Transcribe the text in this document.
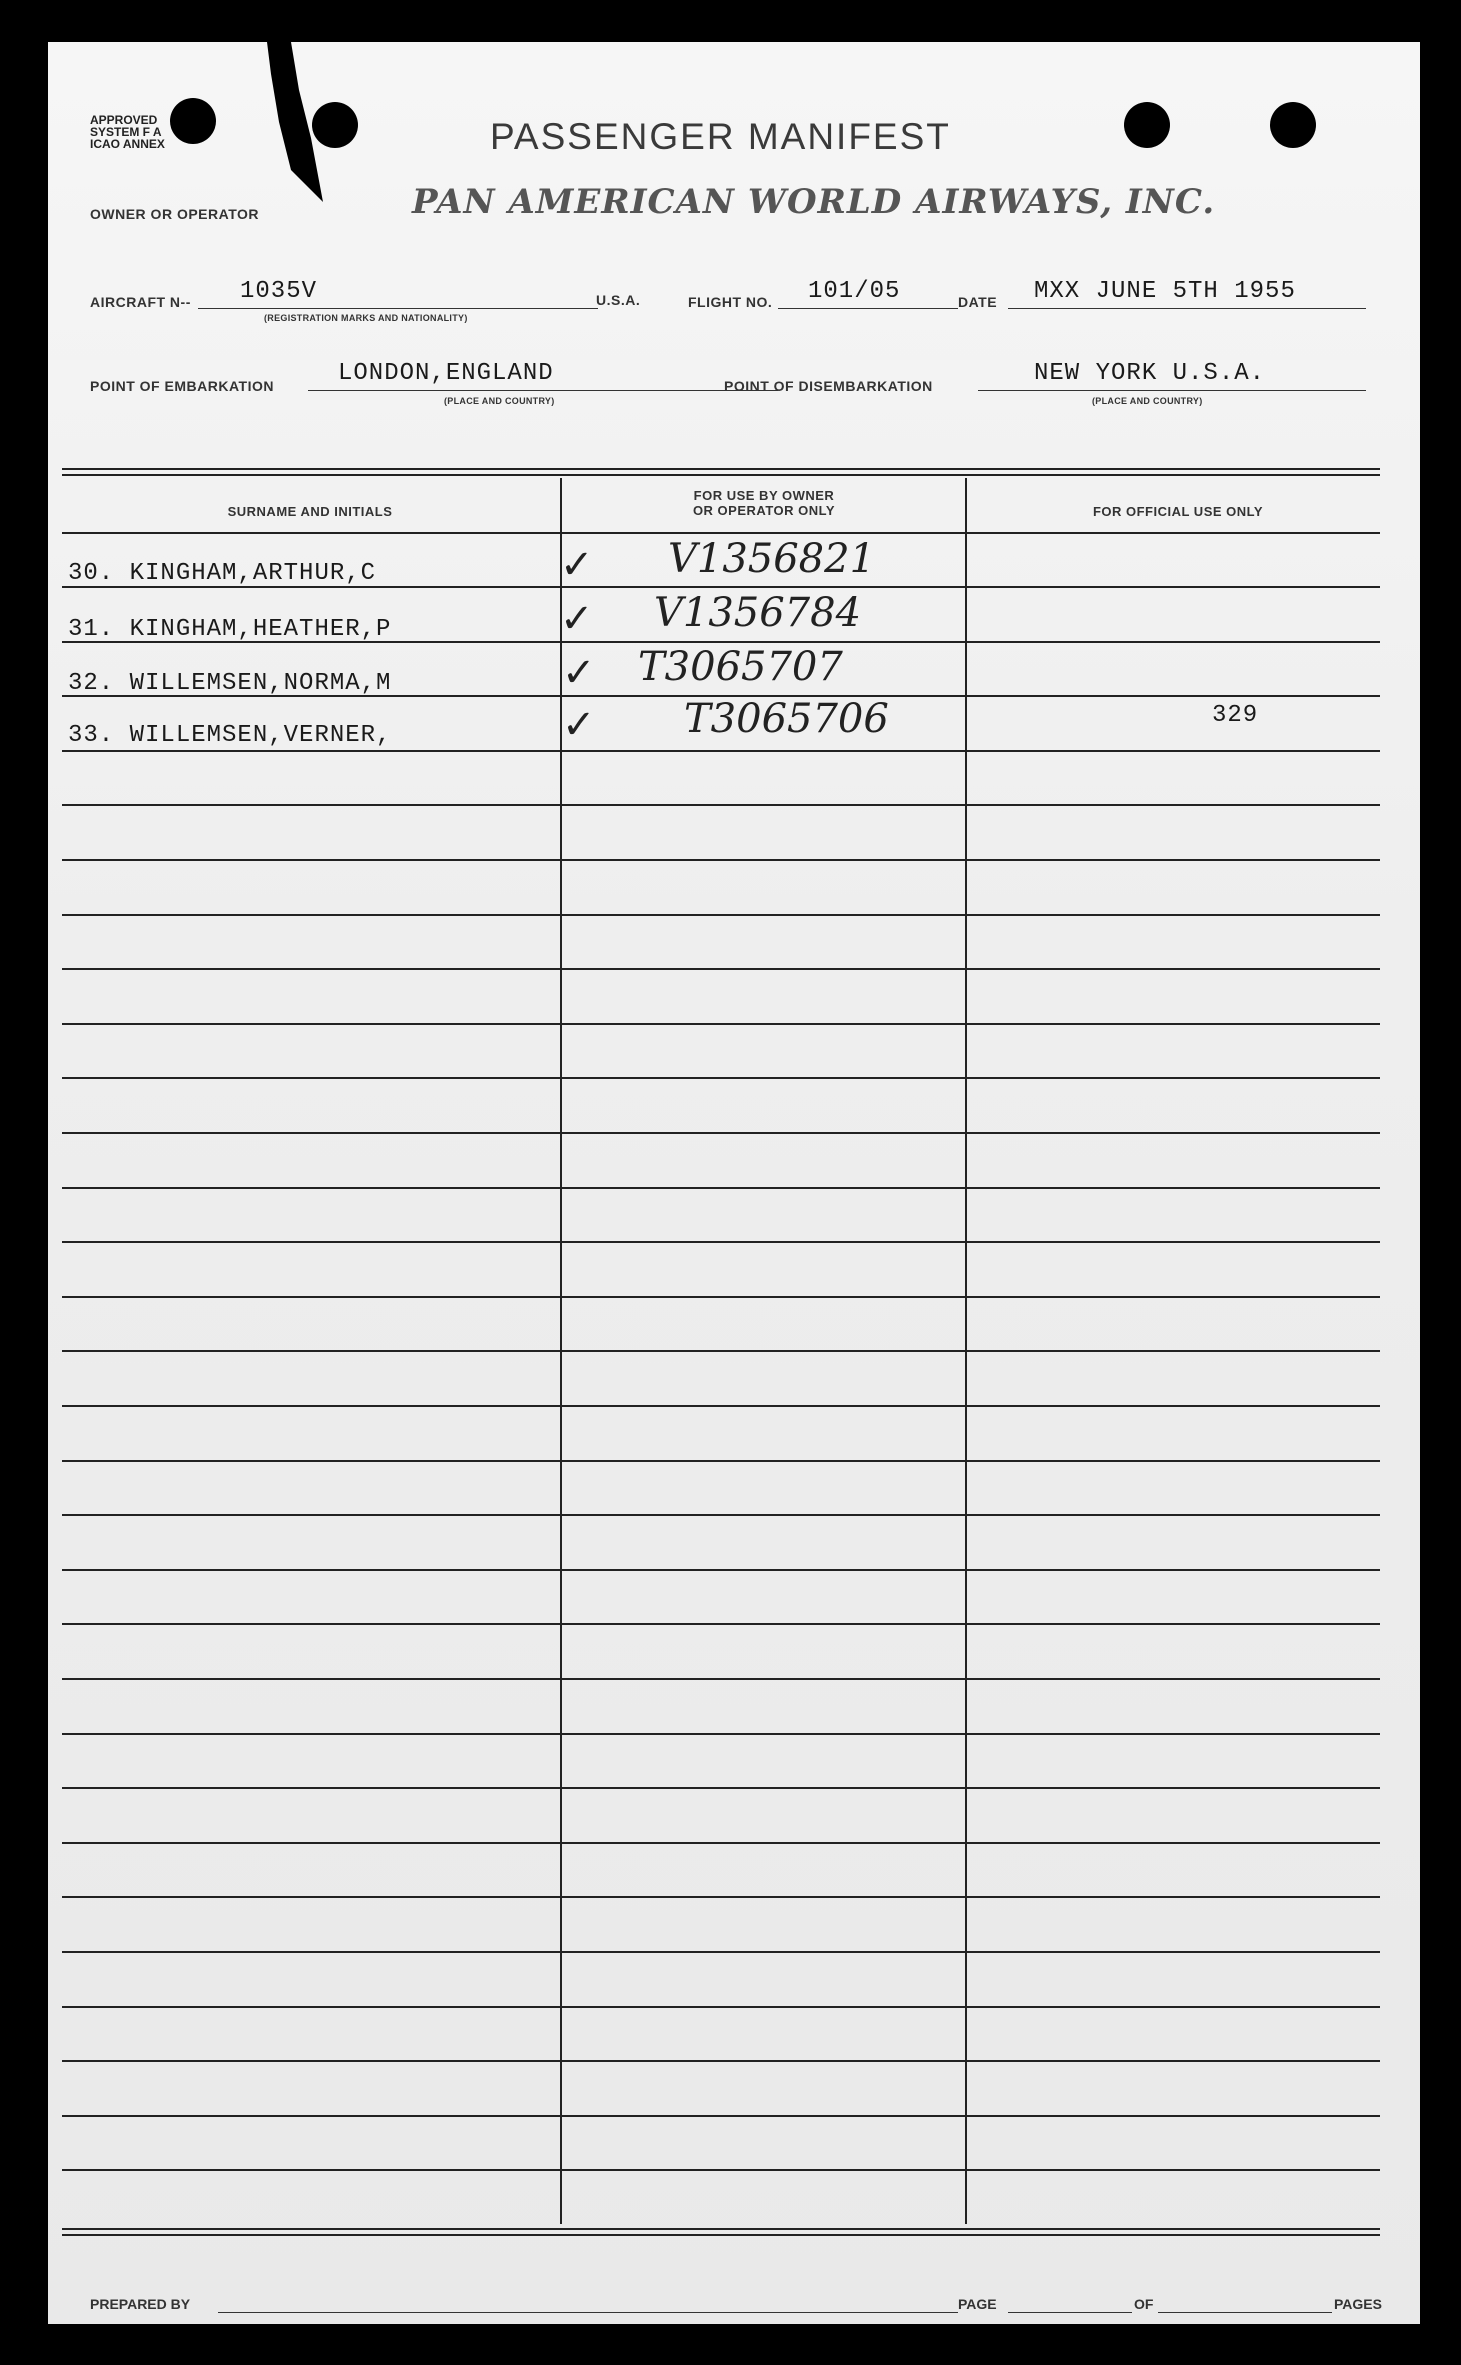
APPROVED
SYSTEM F A
ICAO ANNEX
OWNER OR OPERATOR
PASSENGER MANIFEST
PAN AMERICAN WORLD AIRWAYS, INC.
AIRCRAFT N-- 1035V
(REGISTRATION MARKS AND NATIONALITY)
U.S.A.	FLIGHT NO. 101/05	DATE MXX JUNE 5TH 1955
POINT OF EMBARKATION	LONDON,ENGLAND
(PLACE AND COUNTRY)
POINT OF DISEMBARKATION	NEW YORK U.S.A.
(PLACE AND COUNTRY)
SURNAME AND INITIALS
FOR USE BY OWNER
OR OPERATOR ONLY	FOR OFFICIAL USE ONLY
30. KINGHAM,ARTHUR,C	✓ V1356821
31. KINGHAM,HEATHER,P	✓ V1356784
32. WILLEMSEN,NORMA,M	✓ T3065707
33. WILLEMSEN,VERNER,	✓ T3065706	329
PREPARED BY	PAGE	OF	PAGES
